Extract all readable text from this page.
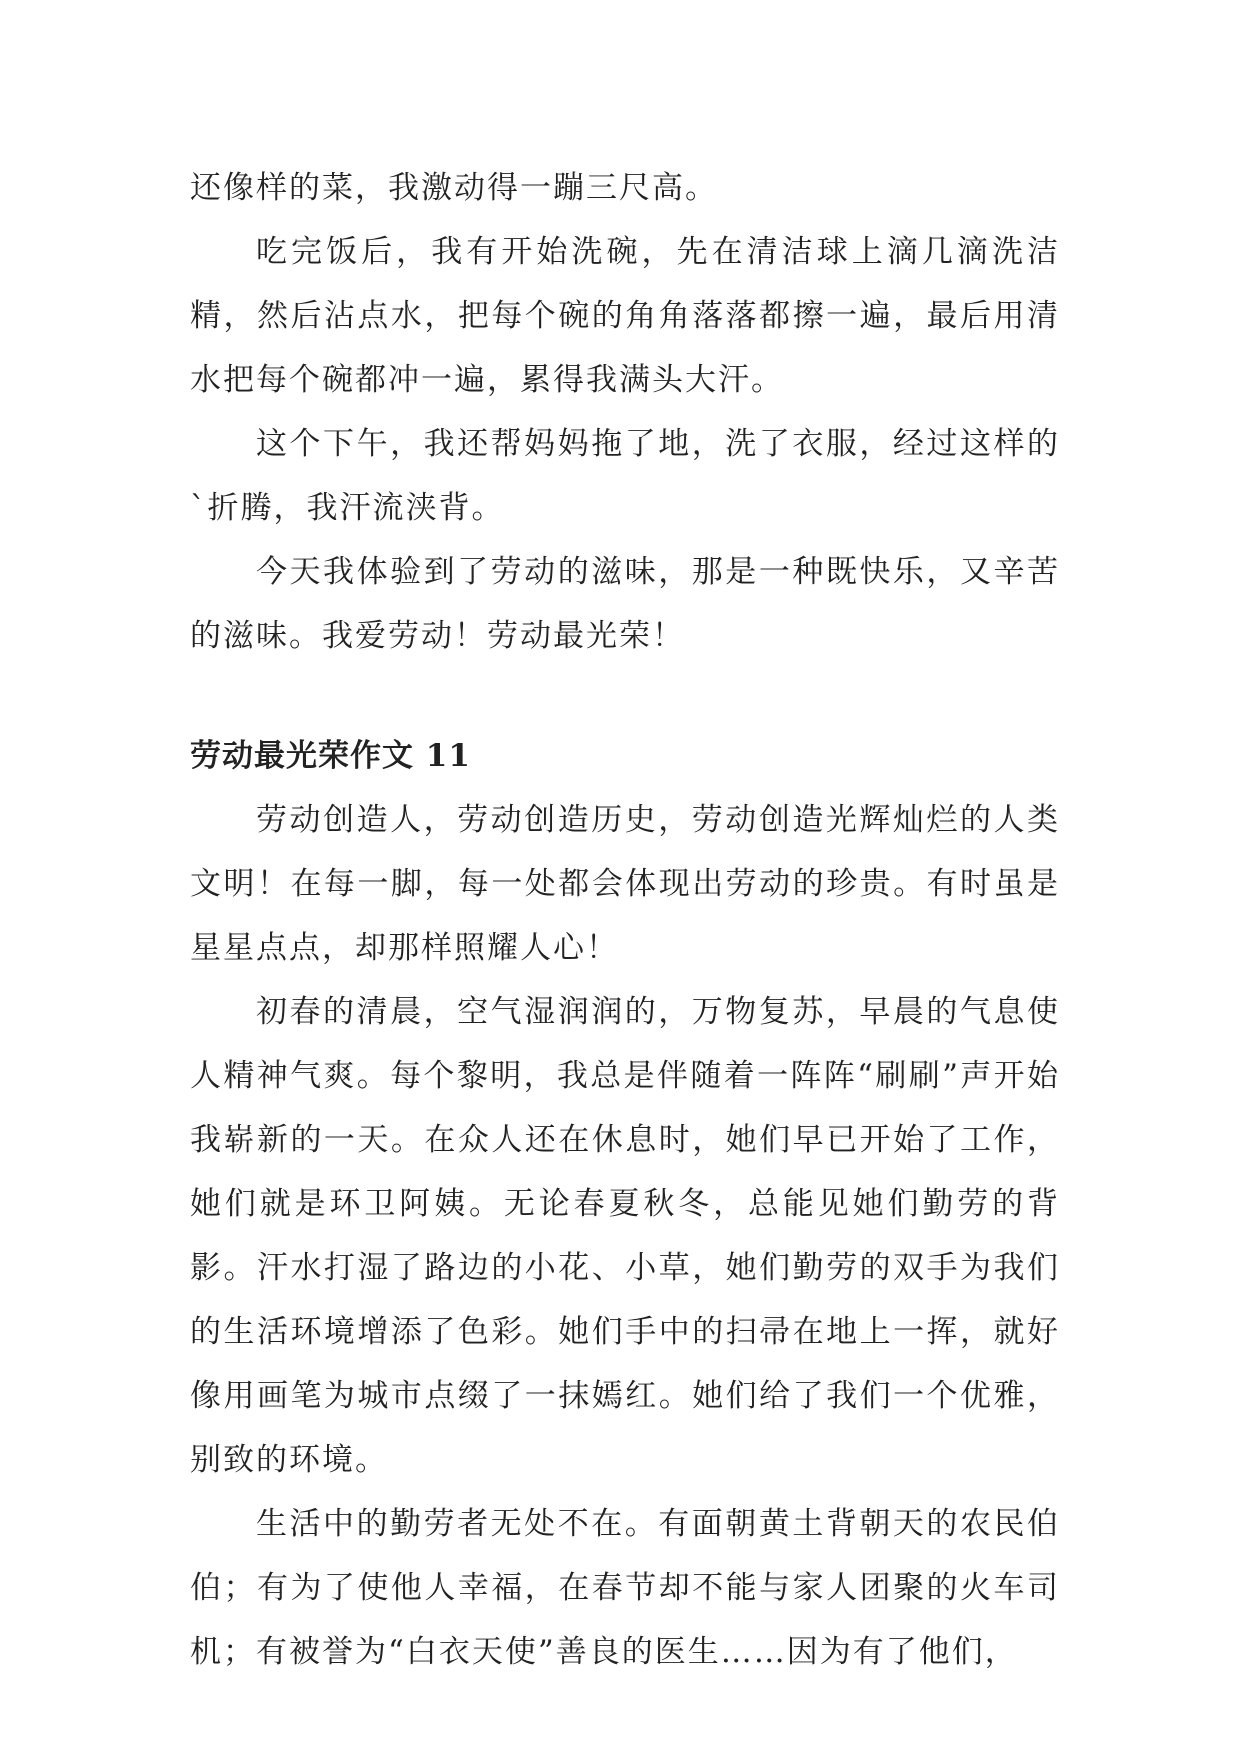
还像样的菜，我激动得一蹦三尺高。

吃完饭后，我有开始洗碗，先在清洁球上滴几滴洗洁精，然后沾点水，把每个碗的角角落落都擦一遍，最后用清水把每个碗都冲一遍，累得我满头大汗。

这个下午，我还帮妈妈拖了地，洗了衣服，经过这样的`折腾，我汗流浃背。

今天我体验到了劳动的滋味，那是一种既快乐，又辛苦的滋味。我爱劳动！劳动最光荣！

劳动最光荣作文 11

劳动创造人，劳动创造历史，劳动创造光辉灿烂的人类文明！在每一脚，每一处都会体现出劳动的珍贵。有时虽是星星点点，却那样照耀人心！

初春的清晨，空气湿润润的，万物复苏，早晨的气息使人精神气爽。每个黎明，我总是伴随着一阵阵“刷刷”声开始我崭新的一天。在众人还在休息时，她们早已开始了工作，她们就是环卫阿姨。无论春夏秋冬，总能见她们勤劳的背影。汗水打湿了路边的小花、小草，她们勤劳的双手为我们的生活环境增添了色彩。她们手中的扫帚在地上一挥，就好像用画笔为城市点缀了一抹嫣红。她们给了我们一个优雅，别致的环境。

生活中的勤劳者无处不在。有面朝黄土背朝天的农民伯伯；有为了使他人幸福，在春节却不能与家人团聚的火车司机；有被誉为“白衣天使”善良的医生……因为有了他们，
